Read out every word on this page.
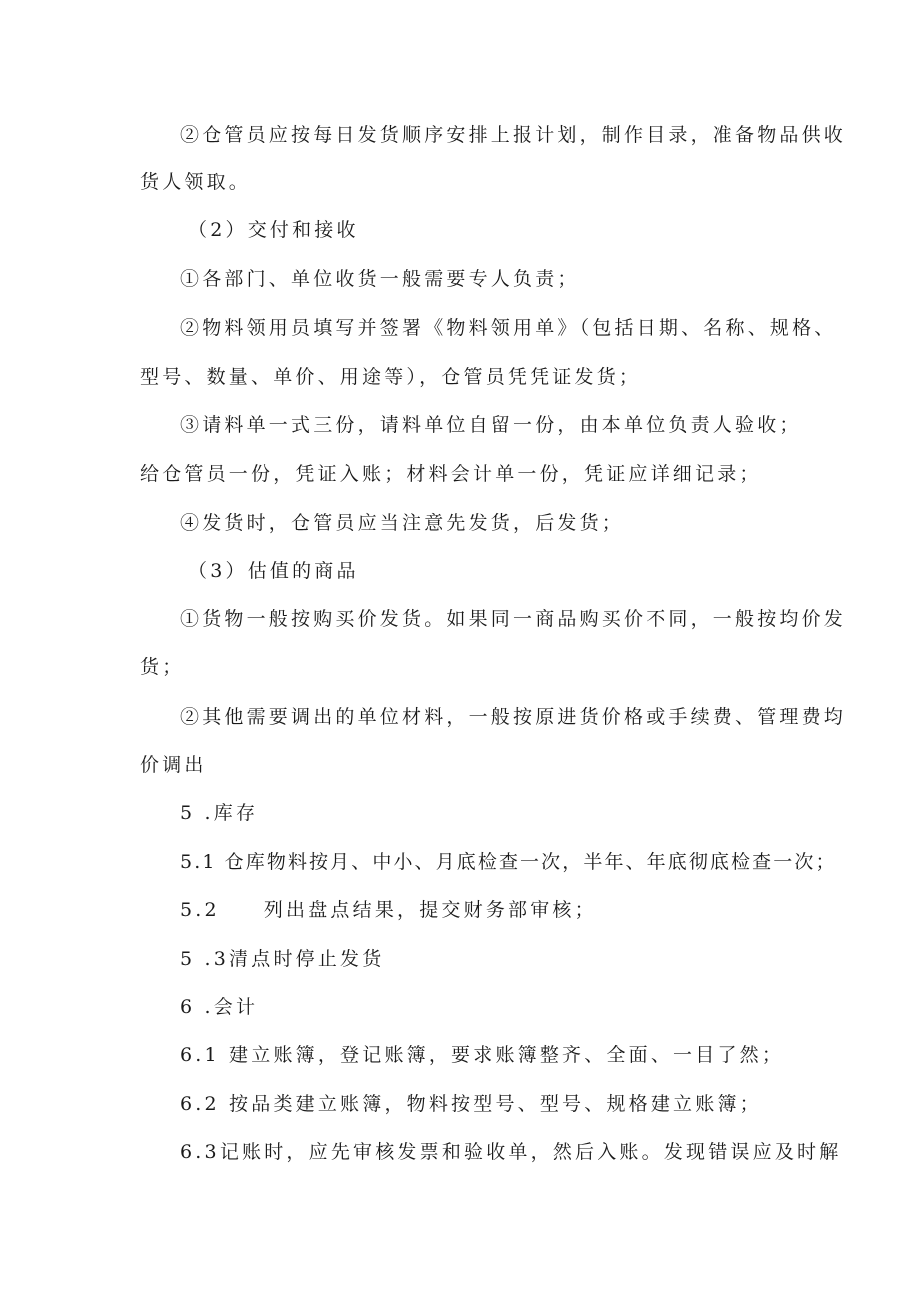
②仓管员应按每日发货顺序安排上报计划，制作目录，准备物品供收
货人领取。
（2）交付和接收
①各部门、单位收货一般需要专人负责；
②物料领用员填写并签署《物料领用单》（包括日期、名称、规格、
型号、数量、单价、用途等），仓管员凭凭证发货；
③请料单一式三份，请料单位自留一份，由本单位负责人验收；
给仓管员一份，凭证入账；材料会计单一份，凭证应详细记录；
④发货时，仓管员应当注意先发货，后发货；
（3）估值的商品
①货物一般按购买价发货。如果同一商品购买价不同，一般按均价发
货；
②其他需要调出的单位材料，一般按原进货价格或手续费、管理费均
价调出
5 .库存
5.1 仓库物料按月、中小、月底检查一次，半年、年底彻底检查一次；
5.2 列出盘点结果，提交财务部审核；
5 .3清点时停止发货
6 .会计
6.1 建立账簿，登记账簿，要求账簿整齐、全面、一目了然；
6.2 按品类建立账簿，物料按型号、型号、规格建立账簿；
6.3记账时，应先审核发票和验收单，然后入账。发现错误应及时解
